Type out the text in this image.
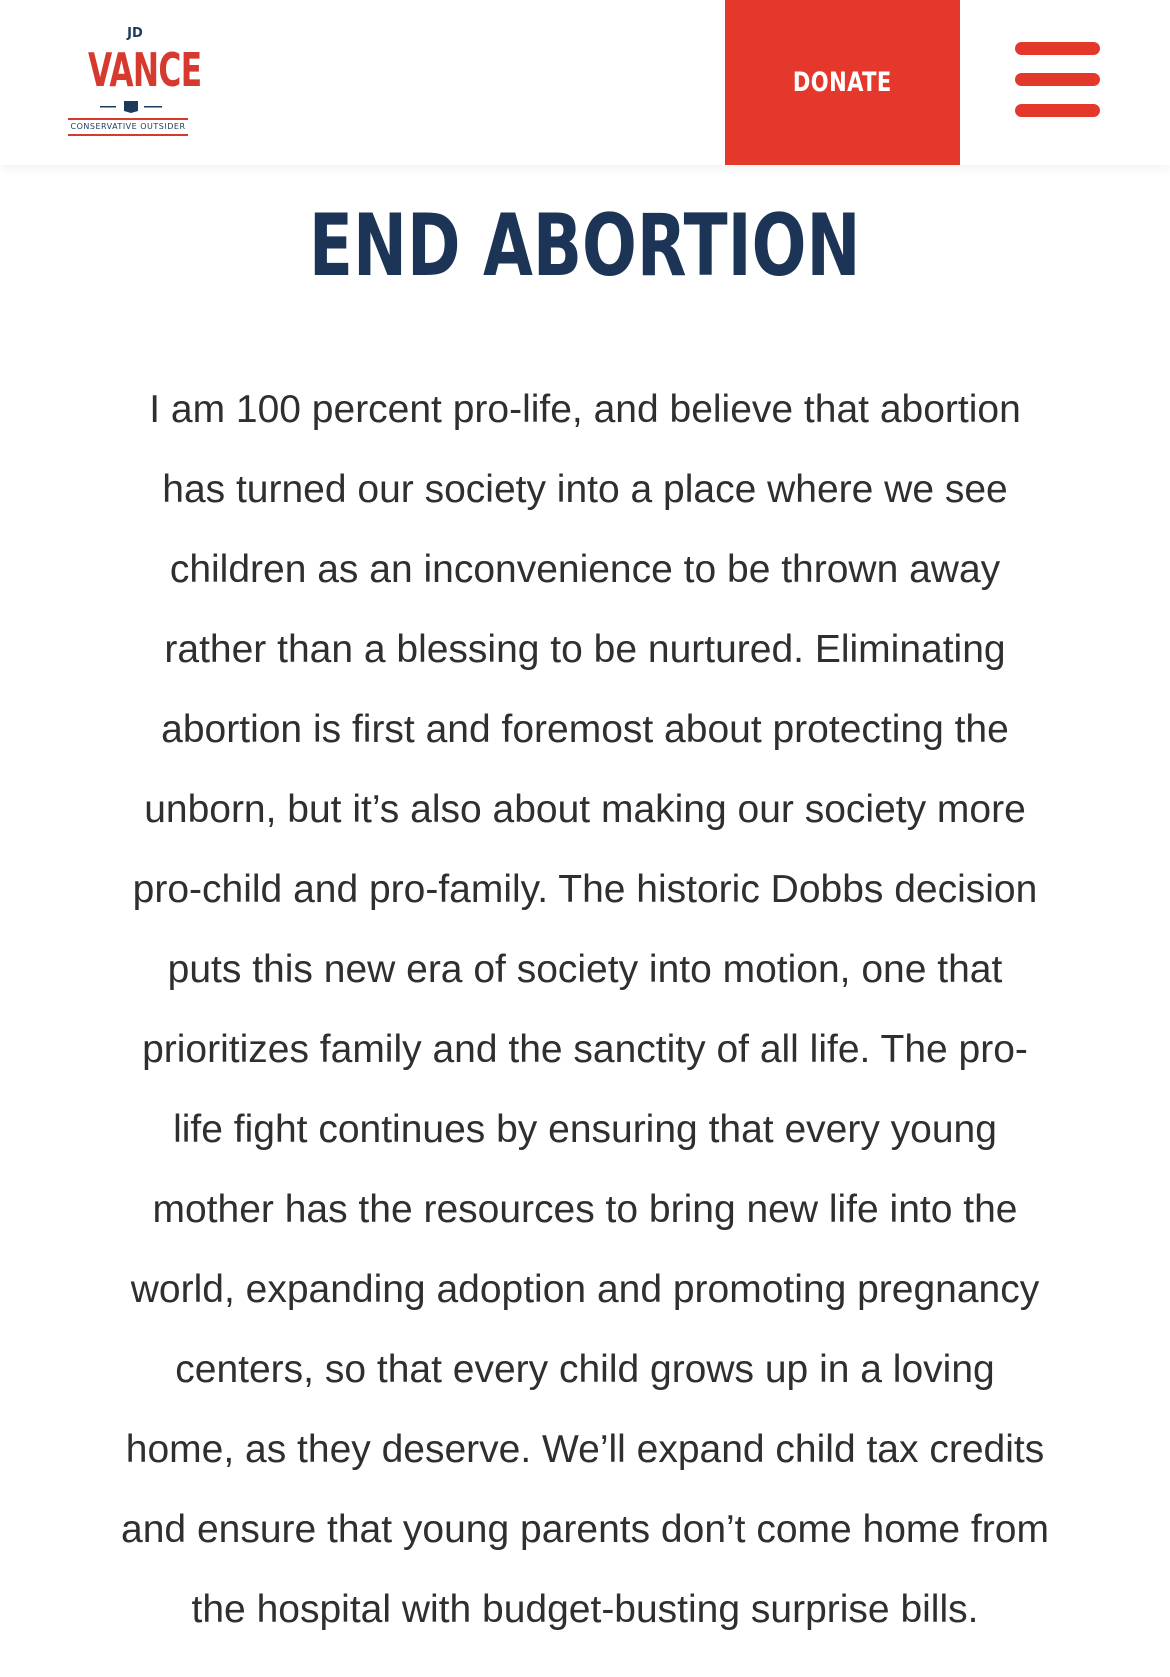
JD
VANCE
CONSERVATIVE OUTSIDER
DONATE
END ABORTION

I am 100 percent pro-life, and believe that abortion
has turned our society into a place where we see
children as an inconvenience to be thrown away
rather than a blessing to be nurtured. Eliminating
abortion is first and foremost about protecting the
unborn, but it’s also about making our society more
pro-child and pro-family. The historic Dobbs decision
puts this new era of society into motion, one that
prioritizes family and the sanctity of all life. The pro-
life fight continues by ensuring that every young
mother has the resources to bring new life into the
world, expanding adoption and promoting pregnancy
centers, so that every child grows up in a loving
home, as they deserve. We’ll expand child tax credits
and ensure that young parents don’t come home from
the hospital with budget-busting surprise bills.
